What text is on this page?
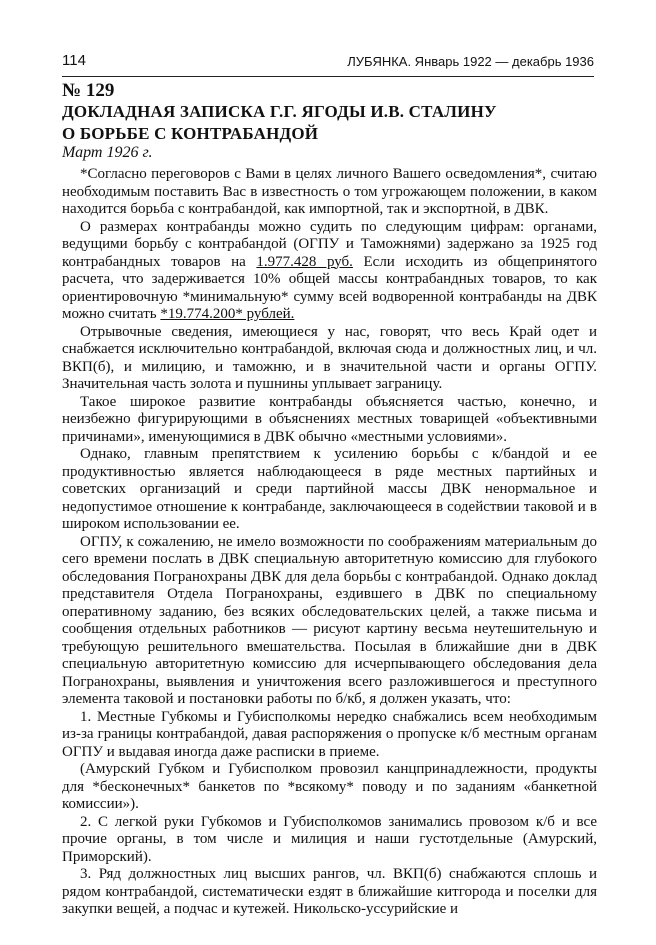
114	ЛУБЯНКА. Январь 1922 — декабрь 1936
№ 129
ДОКЛАДНАЯ ЗАПИСКА Г.Г. ЯГОДЫ И.В. СТАЛИНУ
О БОРЬБЕ С КОНТРАБАНДОЙ
Март 1926 г.

*Согласно переговоров с Вами в целях личного Вашего осведомления*, считаю необходимым поставить Вас в известность о том угрожающем положении, в каком находится борьба с контрабандой, как импортной, так и экспортной, в ДВК.

О размерах контрабанды можно судить по следующим цифрам: органами, ведущими борьбу с контрабандой (ОГПУ и Таможнями) задержано за 1925 год контрабандных товаров на 1.977.428 руб. Если исходить из общепринятого расчета, что задерживается 10% общей массы контрабандных товаров, то как ориентировочную *минимальную* сумму всей водворенной контрабанды на ДВК можно считать *19.774.200* рублей.

Отрывочные сведения, имеющиеся у нас, говорят, что весь Край одет и снабжается исключительно контрабандой, включая сюда и должностных лиц, и чл. ВКП(б), и милицию, и таможню, и в значительной части и органы ОГПУ. Значительная часть золота и пушнины уплывает заграницу.

Такое широкое развитие контрабанды объясняется частью, конечно, и неизбежно фигурирующими в объяснениях местных товарищей «объективными причинами», именующимися в ДВК обычно «местными условиями».

Однако, главным препятствием к усилению борьбы с к/бандой и ее продуктивностью является наблюдающееся в ряде местных партийных и советских организаций и среди партийной массы ДВК ненормальное и недопустимое отношение к контрабанде, заключающееся в содействии таковой и в широком использовании ее.

ОГПУ, к сожалению, не имело возможности по соображениям материальным до сего времени послать в ДВК специальную авторитетную комиссию для глубокого обследования Погранохраны ДВК для дела борьбы с контрабандой. Однако доклад представителя Отдела Погранохраны, ездившего в ДВК по специальному оперативному заданию, без всяких обследовательских целей, а также письма и сообщения отдельных работников — рисуют картину весьма неутешительную и требующую решительного вмешательства. Посылая в ближайшие дни в ДВК специальную авторитетную комиссию для исчерпывающего обследования дела Погранохраны, выявления и уничтожения всего разложившегося и преступного элемента таковой и постановки работы по б/кб, я должен указать, что:

1. Местные Губкомы и Губисполкомы нередко снабжались всем необходимым из-за границы контрабандой, давая распоряжения о пропуске к/б местным органам ОГПУ и выдавая иногда даже расписки в приеме.

(Амурский Губком и Губисполком провозил канцпринадлежности, продукты для *бесконечных* банкетов по *всякому* поводу и по заданиям «банкетной комиссии»).

2. С легкой руки Губкомов и Губисполкомов занимались провозом к/б и все прочие органы, в том числе и милиция и наши густотдельные (Амурский, Приморский).

3. Ряд должностных лиц высших рангов, чл. ВКП(б) снабжаются сплошь и рядом контрабандой, систематически ездят в ближайшие китгорода и поселки для закупки вещей, а подчас и кутежей. Никольско-уссурийские и
